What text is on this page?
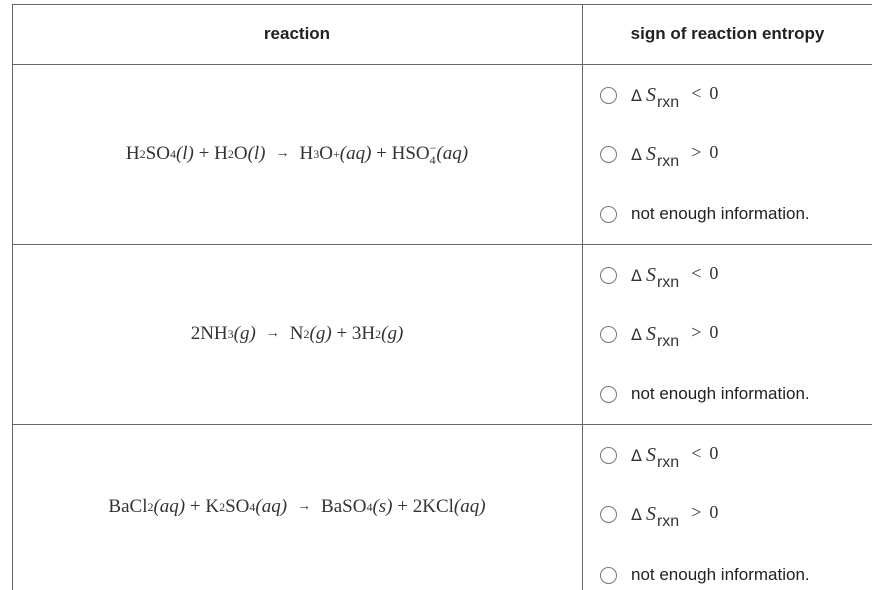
reaction	sign of reaction entropy
H 2 SO 4 (l)
+
H 2 O (l) → H 3 O + (aq)
+
HSO −
4 (aq)
2NH 3 (g) → N 2 (g)
+
3H 2 (g)
BaCl 2 (aq)
+
K 2 SO 4 (aq) → BaSO 4 (s)
+
2KCl (aq)
Δ S rxn < 0
Δ S rxn > 0
not enough information.
Δ S rxn < 0
Δ S rxn > 0
not enough information.
Δ S rxn < 0
Δ S rxn > 0
not enough information.
